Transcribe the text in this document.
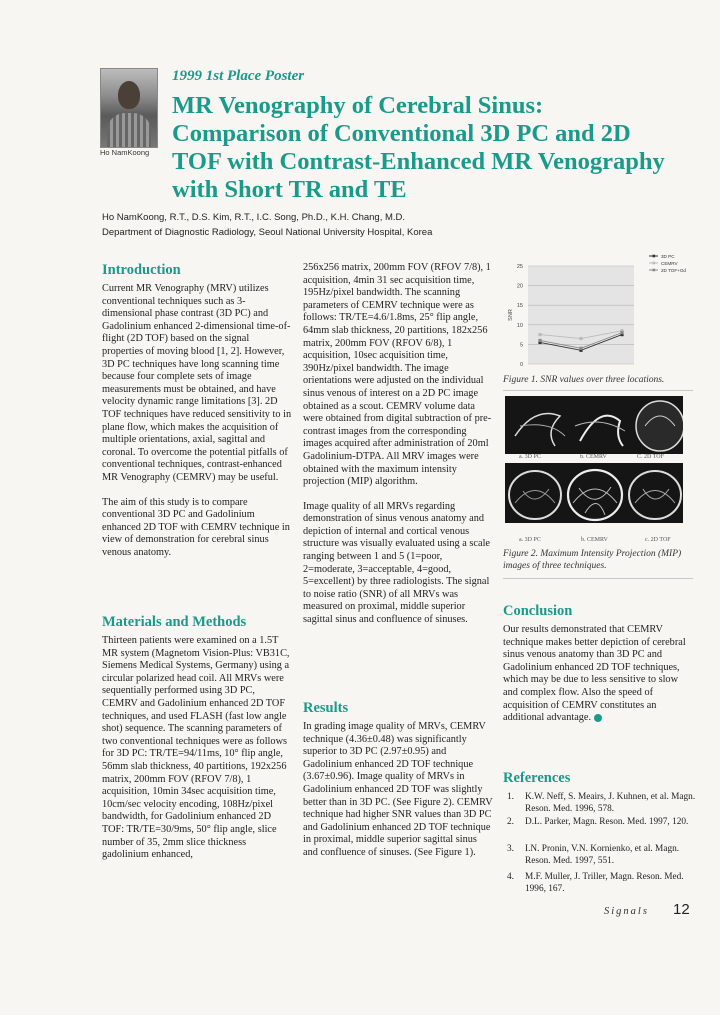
Ho NamKoong
1999 1st Place Poster
MR Venography of Cerebral Sinus: Comparison of Conventional 3D PC and 2D TOF with Contrast-Enhanced MR Venography with Short TR and TE
Ho NamKoong, R.T., D.S. Kim, R.T., I.C. Song, Ph.D., K.H. Chang, M.D.
Department of Diagnostic Radiology, Seoul National University Hospital, Korea
Introduction

Current MR Venography (MRV) utilizes conventional techniques such as 3-dimensional phase contrast (3D PC) and Gadolinium enhanced 2-dimensional time-of-flight (2D TOF) based on the signal properties of moving blood [1, 2]. However, 3D PC techniques have long scanning time because four complete sets of image measurements must be obtained, and have velocity dynamic range limitations [3]. 2D TOF techniques have reduced sensitivity to in plane flow, which makes the acquisition of multiple orientations, axial, sagittal and coronal. To overcome the potential pitfalls of conventional techniques, contrast-enhanced MR Venography (CEMRV) may be useful.

The aim of this study is to compare conventional 3D PC and Gadolinium enhanced 2D TOF with CEMRV technique in view of demonstration for cerebral sinus venous anatomy.

Materials and Methods

Thirteen patients were examined on a 1.5T MR system (Magnetom Vision-Plus: VB31C, Siemens Medical Systems, Germany) using a circular polarized head coil. All MRVs were sequentially performed using 3D PC, CEMRV and Gadolinium enhanced 2D TOF techniques, and used FLASH (fast low angle shot) sequence. The scanning parameters of two conventional techniques were as follows for 3D PC: TR/TE=94/11ms, 10° flip angle, 56mm slab thickness, 40 partitions, 192x256 matrix, 200mm FOV (RFOV 7/8), 1 acquisition, 10min 34sec acquisition time, 10cm/sec velocity encoding, 108Hz/pixel bandwidth, for Gadolinium enhanced 2D TOF: TR/TE=30/9ms, 50° flip angle, slice number of 35, 2mm slice thickness gadolinium enhanced,

256x256 matrix, 200mm FOV (RFOV 7/8), 1 acquisition, 4min 31 sec acquisition time, 195Hz/pixel bandwidth. The scanning parameters of CEMRV technique were as follows: TR/TE=4.6/1.8ms, 25° flip angle, 64mm slab thickness, 20 partitions, 182x256 matrix, 200mm FOV (RFOV 6/8), 1 acquisition, 10sec acquisition time, 390Hz/pixel bandwidth. The image orientations were adjusted on the individual sinus venous of interest on a 2D PC image obtained as a scout. CEMRV volume data were obtained from digital subtraction of pre-contrast images from the corresponding images acquired after administration of 20ml Gadolinium-DTPA. All MRV images were obtained with the maximum intensity projection (MIP) algorithm.

Image quality of all MRVs regarding demonstration of sinus venous anatomy and depiction of internal and cortical venous structure was visually evaluated using a scale ranging between 1 and 5 (1=poor, 2=moderate, 3=acceptable, 4=good, 5=excellent) by three radiologists. The signal to noise ratio (SNR) of all MRVs was measured on proximal, middle superior sagittal sinus and confluence of sinuses.

Results

In grading image quality of MRVs, CEMRV technique (4.36±0.48) was significantly superior to 3D PC (2.97±0.95) and Gadolinium enhanced 2D TOF technique (3.67±0.96). Image quality of MRVs in Gadolinium enhanced 2D TOF was slightly better than in 3D PC. (See Figure 2). CEMRV technique had higher SNR values than 3D PC and Gadolinium enhanced 2D TOF technique in proximal, middle superior sagittal sinus and confluence of sinuses. (See Figure 1).

0
5
10
15
20
25
SNR
3D PC
CEMRV
2D TOF+Gd
Figure 1. SNR values over three locations.
a. 3D PC	b. CEMRV	C. 2D TOF
a. 3D PC	b. CEMRV	c. 2D TOF
Figure 2. Maximum Intensity Projection (MIP) images of three techniques.
Conclusion

Our results demonstrated that CEMRV technique makes better depiction of cerebral sinus venous anatomy than 3D PC and Gadolinium enhanced 2D TOF techniques, which may be due to less sensitive to slow and complex flow. Also the speed of acquisition of CEMRV constitutes an additional advantage.

References
1. K.W. Neff, S. Meairs, J. Kuhnen, et al. Magn. Reson. Med. 1996, 578.
2. D.L. Parker, Magn. Reson. Med. 1997, 120.
3. I.N. Pronin, V.N. Kornienko, et al. Magn. Reson. Med. 1997, 551.
4. M.F. Muller, J. Triller, Magn. Reson. Med. 1996, 167.
Signals 12
